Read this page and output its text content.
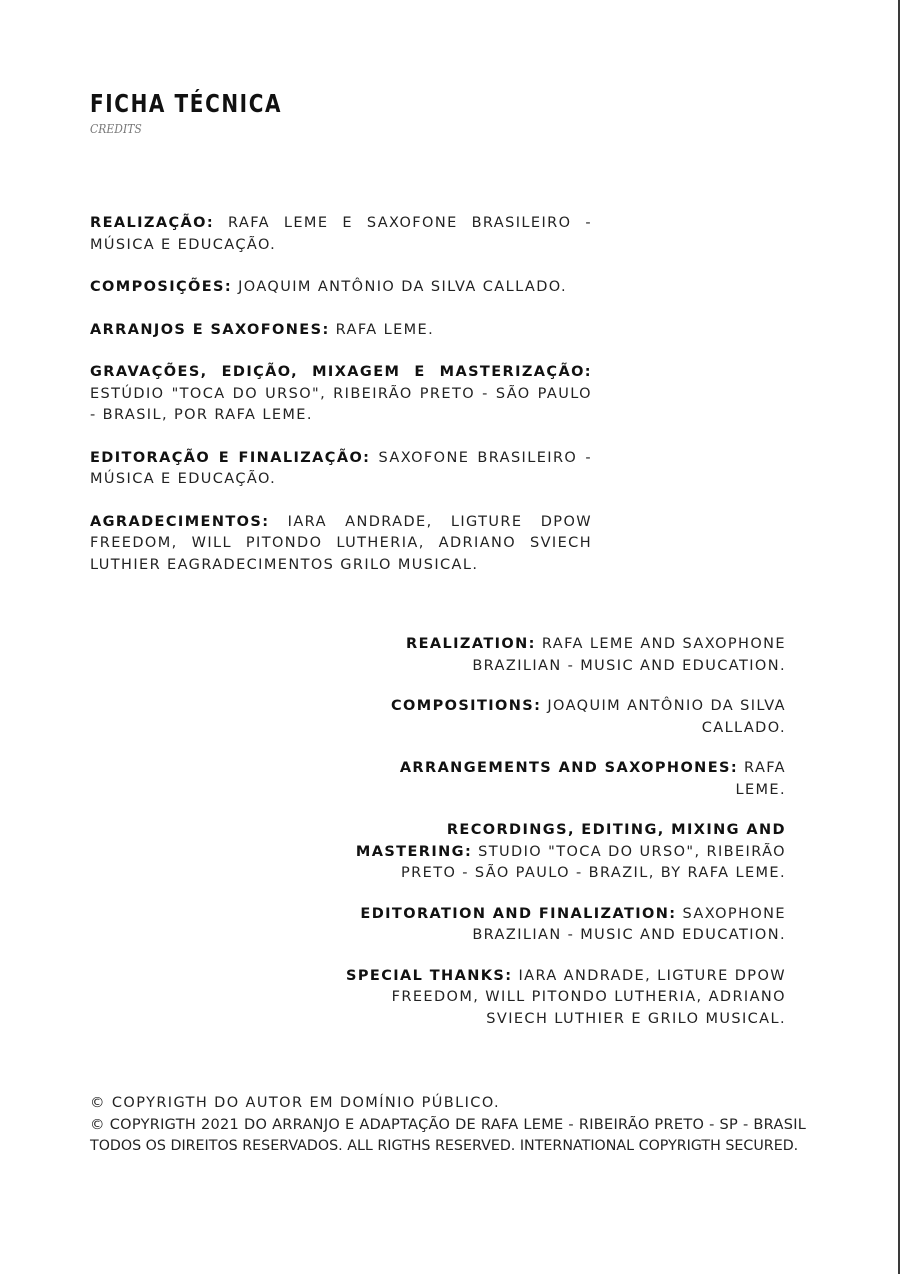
FICHA TÉCNICA
CREDITS
REALIZAÇÃO: RAFA LEME E SAXOFONE BRASILEIRO - MÚSICA E EDUCAÇÃO.
COMPOSIÇÕES: JOAQUIM ANTÔNIO DA SILVA CALLADO.
ARRANJOS E SAXOFONES: RAFA LEME.
GRAVAÇÕES, EDIÇÃO, MIXAGEM E MASTERIZAÇÃO: ESTÚDIO "TOCA DO URSO", RIBEIRÃO PRETO - SÃO PAULO - BRASIL, POR RAFA LEME.
EDITORAÇÃO E FINALIZAÇÃO: SAXOFONE BRASILEIRO - MÚSICA E EDUCAÇÃO.
AGRADECIMENTOS: IARA ANDRADE, LIGTURE DPOW FREEDOM, WILL PITONDO LUTHERIA, ADRIANO SVIECH LUTHIER EAGRADECIMENTOS GRILO MUSICAL.
REALIZATION: RAFA LEME AND SAXOPHONE BRAZILIAN - MUSIC AND EDUCATION.
COMPOSITIONS: JOAQUIM ANTÔNIO DA SILVA CALLADO.
ARRANGEMENTS AND SAXOPHONES: RAFA LEME.
RECORDINGS, EDITING, MIXING AND MASTERING: STUDIO "TOCA DO URSO", RIBEIRÃO PRETO - SÃO PAULO - BRAZIL, BY RAFA LEME.
EDITORATION AND FINALIZATION: SAXOPHONE BRAZILIAN - MUSIC AND EDUCATION.
SPECIAL THANKS: IARA ANDRADE, LIGTURE DPOW FREEDOM, WILL PITONDO LUTHERIA, ADRIANO SVIECH LUTHIER E GRILO MUSICAL.
© COPYRIGTH DO AUTOR EM DOMÍNIO PÚBLICO.
© COPYRIGTH 2021 DO ARRANJO E ADAPTAÇÃO DE RAFA LEME - RIBEIRÃO PRETO - SP - BRASIL
TODOS OS DIREITOS RESERVADOS. ALL RIGTHS RESERVED. INTERNATIONAL COPYRIGTH SECURED.
